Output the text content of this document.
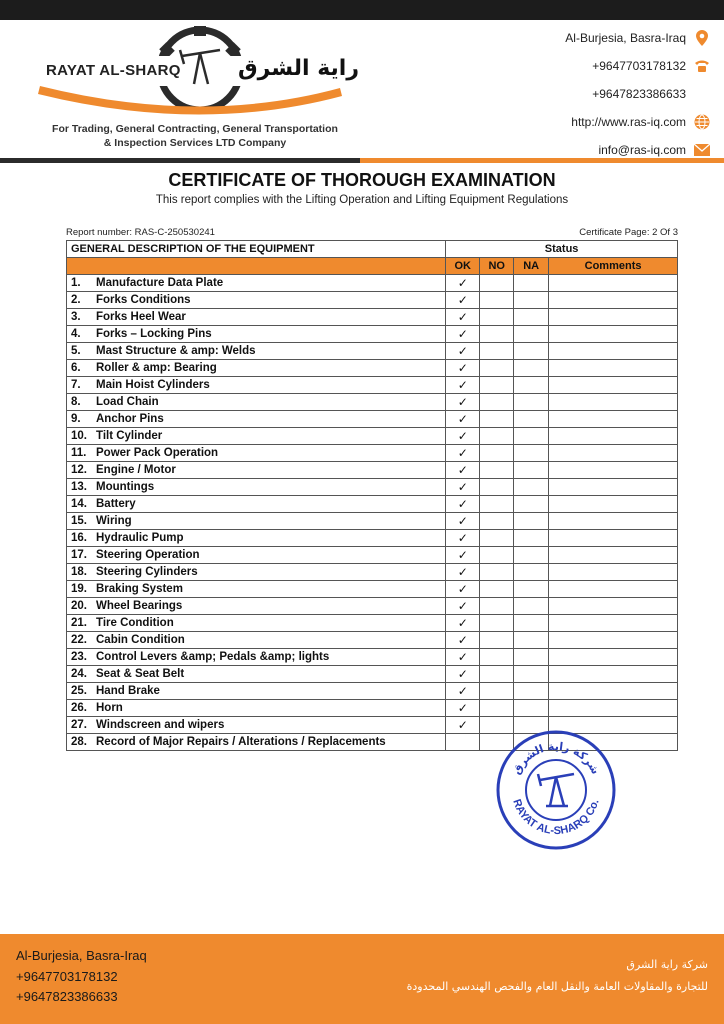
RAYAT AL-SHARQ	راية الشرق
For Trading, General Contracting, General Transportation
& Inspection Services LTD Company
Al-Burjesia, Basra-Iraq
+9647703178132
+9647823386633
http://www.ras-iq.com
info@ras-iq.com
CERTIFICATE OF THOROUGH EXAMINATION
This report complies with the Lifting Operation and Lifting Equipment Regulations
Report number: RAS-C-250530241	Certificate Page: 2 Of 3
GENERAL DESCRIPTION OF THE EQUIPMENT	Status			
	OK	NO	NA	Comments
1. Manufacture Data Plate	✓			
2. Forks Conditions	✓			
3. Forks Heel Wear	✓			
4. Forks – Locking Pins	✓			
5. Mast Structure & amp: Welds	✓			
6. Roller & amp: Bearing	✓			
7. Main Hoist Cylinders	✓			
8. Load Chain	✓			
9. Anchor Pins	✓			
10. Tilt Cylinder	✓			
11. Power Pack Operation	✓			
12. Engine / Motor	✓			
13. Mountings	✓			
14. Battery	✓			
15. Wiring	✓			
16. Hydraulic Pump	✓			
17. Steering Operation	✓			
18. Steering Cylinders	✓			
19. Braking System	✓			
20. Wheel Bearings	✓			
21. Tire Condition	✓			
22. Cabin Condition	✓			
23. Control Levers &amp; Pedals &amp; lights	✓			
24. Seat & Seat Belt	✓			
25. Hand Brake	✓			
26. Horn	✓			
27. Windscreen and wipers	✓			
28. Record of Major Repairs / Alterations / Replacements				
شركة راية الشرق
RAYAT AL-SHARQ Co.
Al-Burjesia, Basra-Iraq
+9647703178132
+9647823386633
شركة راية الشرق
للتجارة والمقاولات العامة والنقل العام والفحص الهندسي المحدودة
